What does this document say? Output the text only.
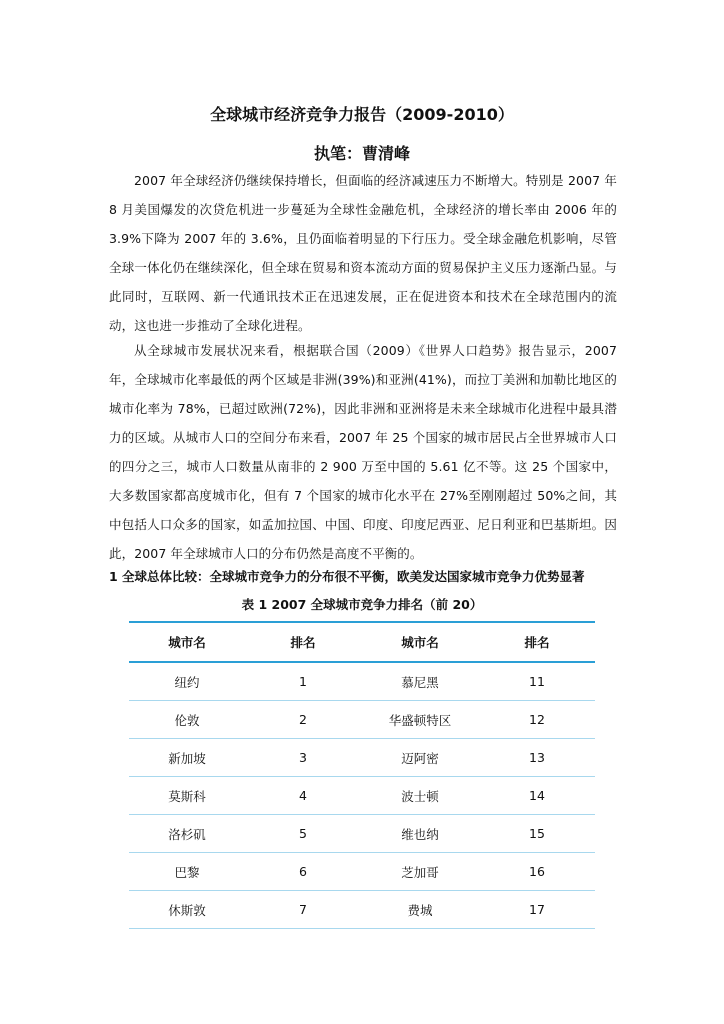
全球城市经济竞争力报告（2009-2010）
执笔：曹清峰

2007 年全球经济仍继续保持增长，但面临的经济减速压力不断增大。特别是 2007 年 8 月美国爆发的次贷危机进一步蔓延为全球性金融危机，全球经济的增长率由 2006 年的 3.9%下降为 2007 年的 3.6%，且仍面临着明显的下行压力。受全球金融危机影响，尽管全球一体化仍在继续深化，但全球在贸易和资本流动方面的贸易保护主义压力逐渐凸显。与此同时，互联网、新一代通讯技术正在迅速发展，正在促进资本和技术在全球范围内的流动，这也进一步推动了全球化进程。

从全球城市发展状况来看，根据联合国（2009）《世界人口趋势》报告显示，2007 年，全球城市化率最低的两个区域是非洲(39%)和亚洲(41%)，而拉丁美洲和加勒比地区的城市化率为 78%，已超过欧洲(72%)，因此非洲和亚洲将是未来全球城市化进程中最具潜力的区域。从城市人口的空间分布来看，2007 年 25 个国家的城市居民占全世界城市人口的四分之三，城市人口数量从南非的 2 900 万至中国的 5.61 亿不等。这 25 个国家中，大多数国家都高度城市化，但有 7 个国家的城市化水平在 27%至刚刚超过 50%之间，其中包括人口众多的国家，如孟加拉国、中国、印度、印度尼西亚、尼日利亚和巴基斯坦。因此，2007 年全球城市人口的分布仍然是高度不平衡的。

1 全球总体比较：全球城市竞争力的分布很不平衡，欧美发达国家城市竞争力优势显著
表 1 2007 全球城市竞争力排名（前 20）
城市名	排名	城市名	排名
纽约	1	慕尼黑	11
伦敦	2	华盛顿特区	12
新加坡	3	迈阿密	13
莫斯科	4	波士顿	14
洛杉矶	5	维也纳	15
巴黎	6	芝加哥	16
休斯敦	7	费城	17
